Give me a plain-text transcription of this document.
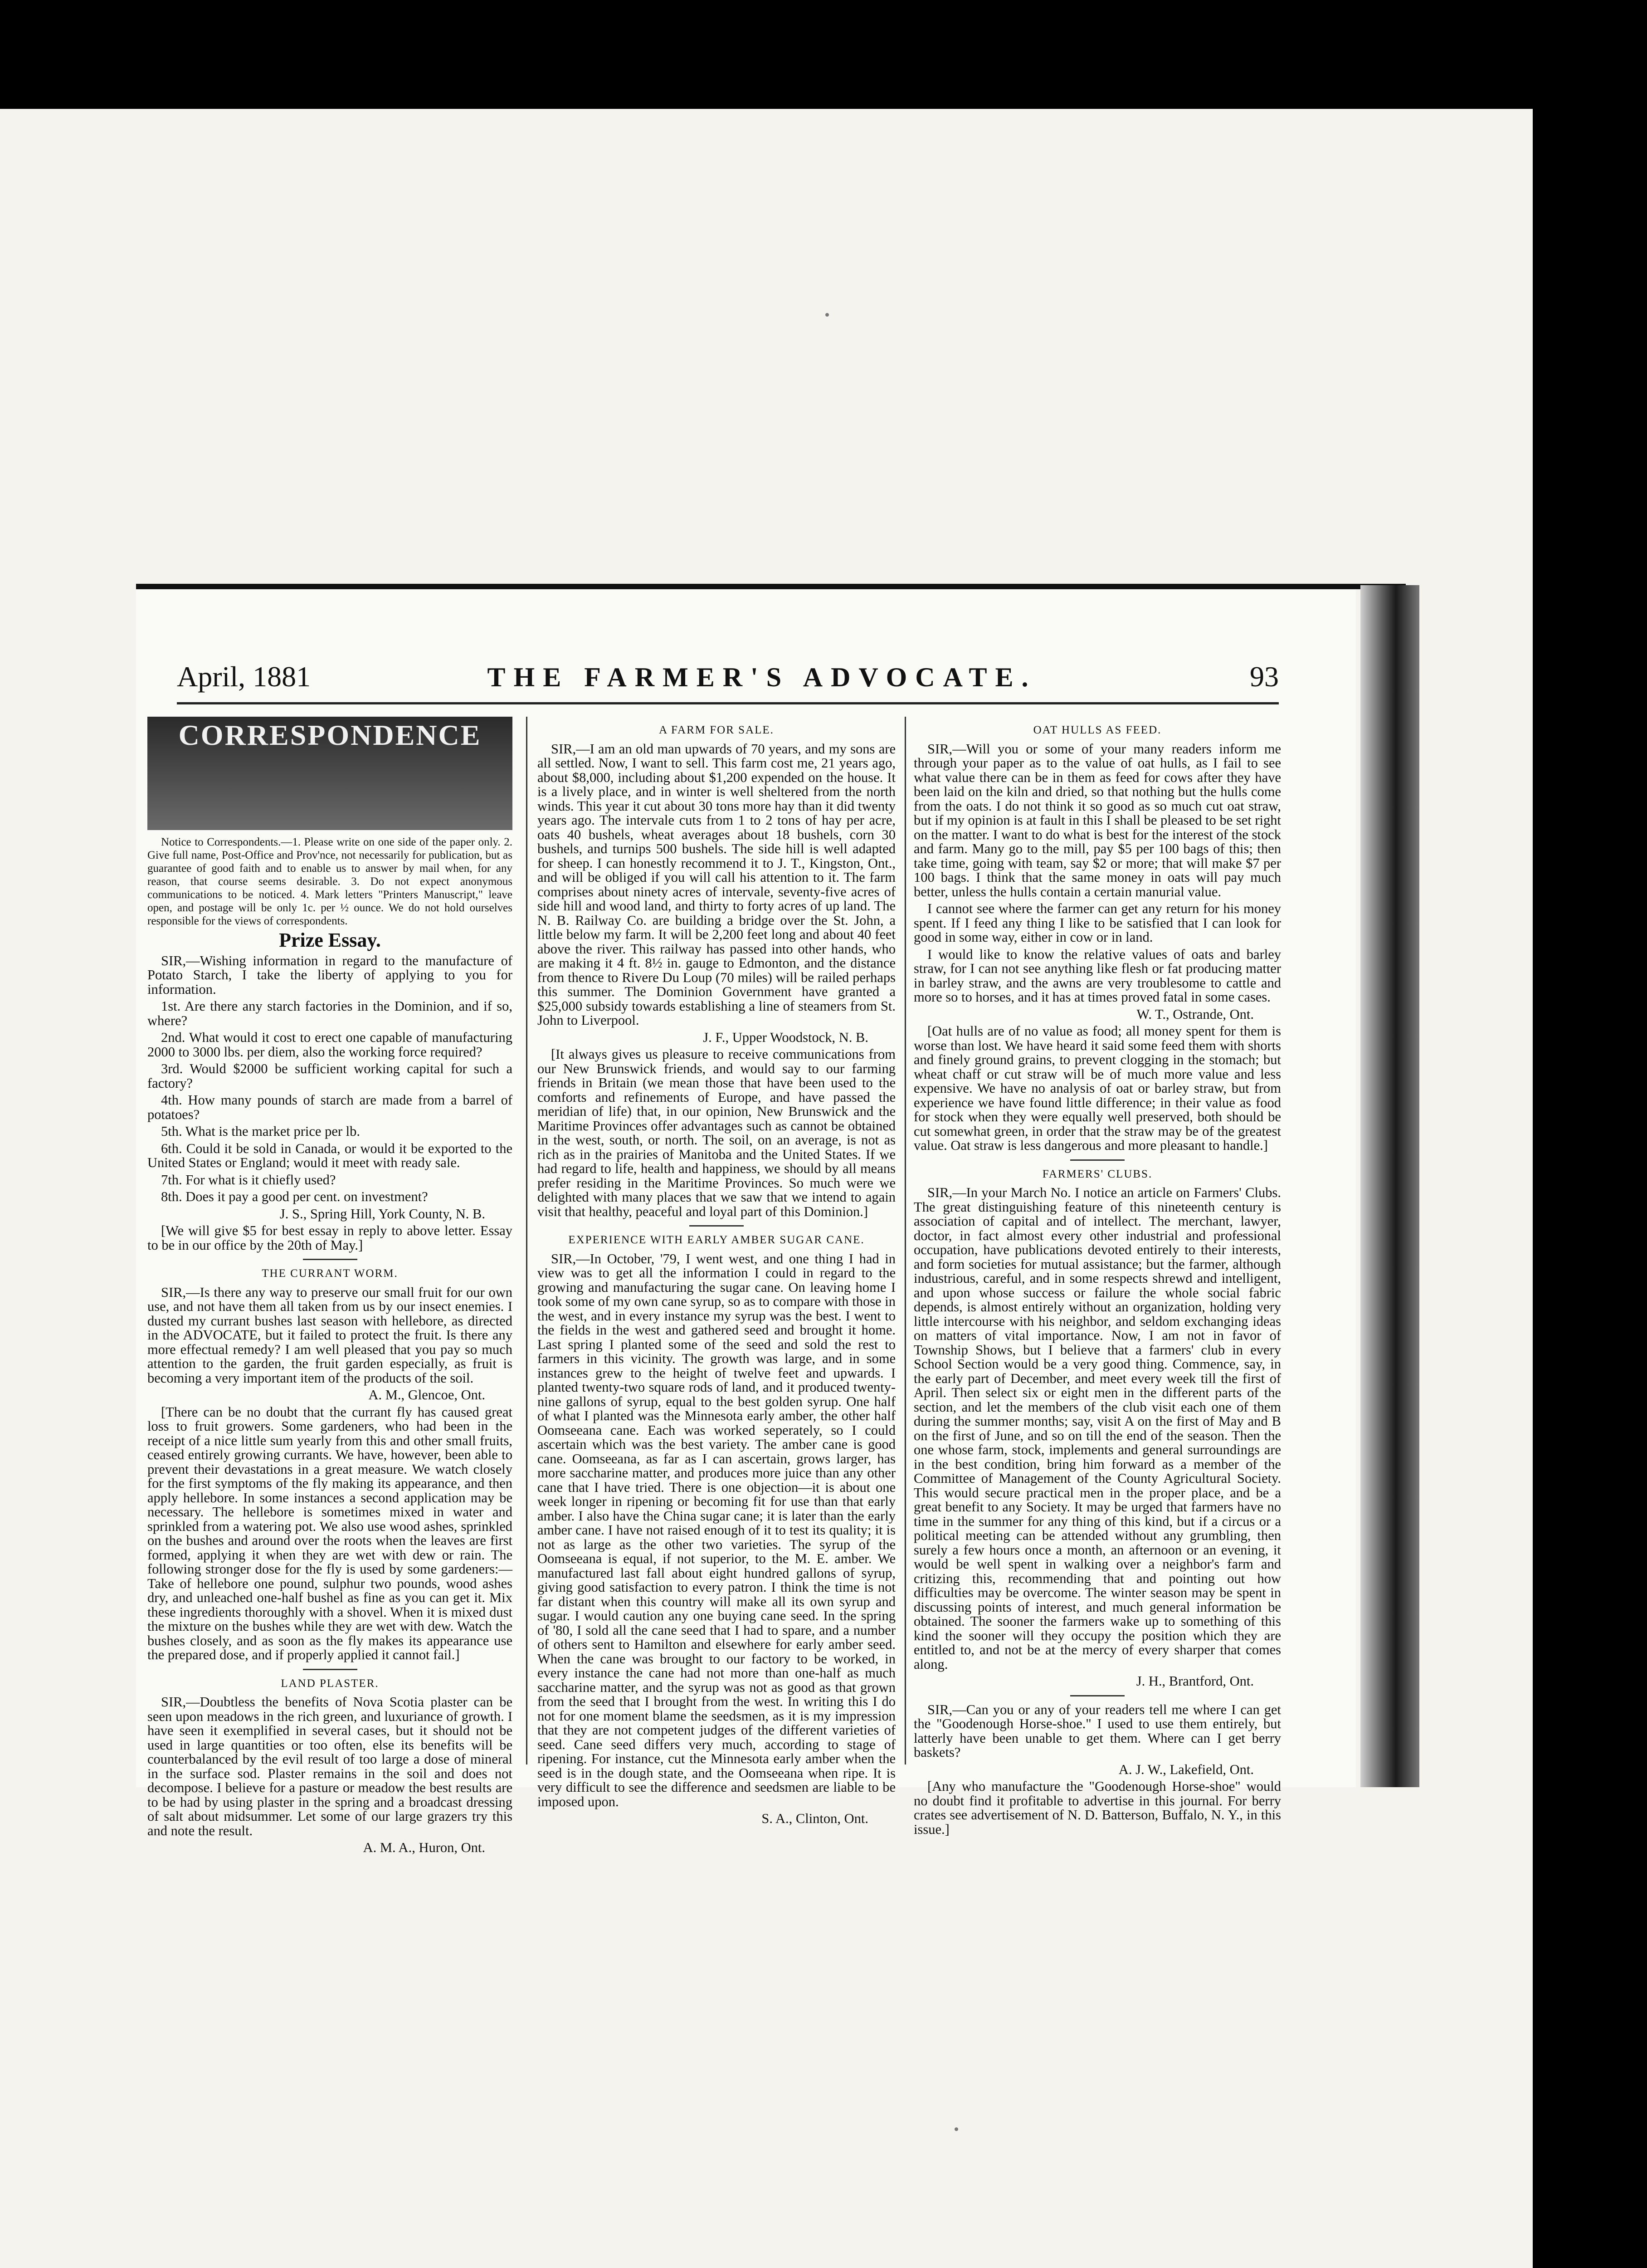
April, 1881	THE FARMER'S ADVOCATE.	93
CORRESPONDENCE

Notice to Correspondents.—1. Please write on one side of the paper only. 2. Give full name, Post-Office and Prov'nce, not necessarily for publication, but as guarantee of good faith and to enable us to answer by mail when, for any reason, that course seems desirable. 3. Do not expect anonymous communications to be noticed. 4. Mark letters "Printers Manuscript," leave open, and postage will be only 1c. per ½ ounce. We do not hold ourselves responsible for the views of correspondents.

Prize Essay.

SIR,—Wishing information in regard to the manufacture of Potato Starch, I take the liberty of applying to you for information.

1st. Are there any starch factories in the Dominion, and if so, where?

2nd. What would it cost to erect one capable of manufacturing 2000 to 3000 lbs. per diem, also the working force required?

3rd. Would $2000 be sufficient working capital for such a factory?

4th. How many pounds of starch are made from a barrel of potatoes?

5th. What is the market price per lb.

6th. Could it be sold in Canada, or would it be exported to the United States or England; would it meet with ready sale.

7th. For what is it chiefly used?

8th. Does it pay a good per cent. on investment?

J. S., Spring Hill, York County, N. B.

[We will give $5 for best essay in reply to above letter. Essay to be in our office by the 20th of May.]

THE CURRANT WORM.

SIR,—Is there any way to preserve our small fruit for our own use, and not have them all taken from us by our insect enemies. I dusted my currant bushes last season with hellebore, as directed in the ADVOCATE, but it failed to protect the fruit. Is there any more effectual remedy? I am well pleased that you pay so much attention to the garden, the fruit garden especially, as fruit is becoming a very important item of the products of the soil.

A. M., Glencoe, Ont.

[There can be no doubt that the currant fly has caused great loss to fruit growers. Some gardeners, who had been in the receipt of a nice little sum yearly from this and other small fruits, ceased entirely growing currants. We have, however, been able to prevent their devastations in a great measure. We watch closely for the first symptoms of the fly making its appearance, and then apply hellebore. In some instances a second application may be necessary. The hellebore is sometimes mixed in water and sprinkled from a watering pot. We also use wood ashes, sprinkled on the bushes and around over the roots when the leaves are first formed, applying it when they are wet with dew or rain. The following stronger dose for the fly is used by some gardeners:—Take of hellebore one pound, sulphur two pounds, wood ashes dry, and unleached one-half bushel as fine as you can get it. Mix these ingredients thoroughly with a shovel. When it is mixed dust the mixture on the bushes while they are wet with dew. Watch the bushes closely, and as soon as the fly makes its appearance use the prepared dose, and if properly applied it cannot fail.]

LAND PLASTER.

SIR,—Doubtless the benefits of Nova Scotia plaster can be seen upon meadows in the rich green, and luxuriance of growth. I have seen it exemplified in several cases, but it should not be used in large quantities or too often, else its benefits will be counterbalanced by the evil result of too large a dose of mineral in the surface sod. Plaster remains in the soil and does not decompose. I believe for a pasture or meadow the best results are to be had by using plaster in the spring and a broadcast dressing of salt about midsummer. Let some of our large grazers try this and note the result.

A. M. A., Huron, Ont.

A FARM FOR SALE.

SIR,—I am an old man upwards of 70 years, and my sons are all settled. Now, I want to sell. This farm cost me, 21 years ago, about $8,000, including about $1,200 expended on the house. It is a lively place, and in winter is well sheltered from the north winds. This year it cut about 30 tons more hay than it did twenty years ago. The intervale cuts from 1 to 2 tons of hay per acre, oats 40 bushels, wheat averages about 18 bushels, corn 30 bushels, and turnips 500 bushels. The side hill is well adapted for sheep. I can honestly recommend it to J. T., Kingston, Ont., and will be obliged if you will call his attention to it. The farm comprises about ninety acres of intervale, seventy-five acres of side hill and wood land, and thirty to forty acres of up land. The N. B. Railway Co. are building a bridge over the St. John, a little below my farm. It will be 2,200 feet long and about 40 feet above the river. This railway has passed into other hands, who are making it 4 ft. 8½ in. gauge to Edmonton, and the distance from thence to Rivere Du Loup (70 miles) will be railed perhaps this summer. The Dominion Government have granted a $25,000 subsidy towards establishing a line of steamers from St. John to Liverpool.

J. F., Upper Woodstock, N. B.

[It always gives us pleasure to receive communications from our New Brunswick friends, and would say to our farming friends in Britain (we mean those that have been used to the comforts and refinements of Europe, and have passed the meridian of life) that, in our opinion, New Brunswick and the Maritime Provinces offer advantages such as cannot be obtained in the west, south, or north. The soil, on an average, is not as rich as in the prairies of Manitoba and the United States. If we had regard to life, health and happiness, we should by all means prefer residing in the Maritime Provinces. So much were we delighted with many places that we saw that we intend to again visit that healthy, peaceful and loyal part of this Dominion.]

EXPERIENCE WITH EARLY AMBER SUGAR CANE.

SIR,—In October, '79, I went west, and one thing I had in view was to get all the information I could in regard to the growing and manufacturing the sugar cane. On leaving home I took some of my own cane syrup, so as to compare with those in the west, and in every instance my syrup was the best. I went to the fields in the west and gathered seed and brought it home. Last spring I planted some of the seed and sold the rest to farmers in this vicinity. The growth was large, and in some instances grew to the height of twelve feet and upwards. I planted twenty-two square rods of land, and it produced twenty-nine gallons of syrup, equal to the best golden syrup. One half of what I planted was the Minnesota early amber, the other half Oomseeana cane. Each was worked seperately, so I could ascertain which was the best variety. The amber cane is good cane. Oomseeana, as far as I can ascertain, grows larger, has more saccharine matter, and produces more juice than any other cane that I have tried. There is one objection—it is about one week longer in ripening or becoming fit for use than that early amber. I also have the China sugar cane; it is later than the early amber cane. I have not raised enough of it to test its quality; it is not as large as the other two varieties. The syrup of the Oomseeana is equal, if not superior, to the M. E. amber. We manufactured last fall about eight hundred gallons of syrup, giving good satisfaction to every patron. I think the time is not far distant when this country will make all its own syrup and sugar. I would caution any one buying cane seed. In the spring of '80, I sold all the cane seed that I had to spare, and a number of others sent to Hamilton and elsewhere for early amber seed. When the cane was brought to our factory to be worked, in every instance the cane had not more than one-half as much saccharine matter, and the syrup was not as good as that grown from the seed that I brought from the west. In writing this I do not for one moment blame the seedsmen, as it is my impression that they are not competent judges of the different varieties of seed. Cane seed differs very much, according to stage of ripening. For instance, cut the Minnesota early amber when the seed is in the dough state, and the Oomseeana when ripe. It is very difficult to see the difference and seedsmen are liable to be imposed upon.

S. A., Clinton, Ont.

OAT HULLS AS FEED.

SIR,—Will you or some of your many readers inform me through your paper as to the value of oat hulls, as I fail to see what value there can be in them as feed for cows after they have been laid on the kiln and dried, so that nothing but the hulls come from the oats. I do not think it so good as so much cut oat straw, but if my opinion is at fault in this I shall be pleased to be set right on the matter. I want to do what is best for the interest of the stock and farm. Many go to the mill, pay $5 per 100 bags of this; then take time, going with team, say $2 or more; that will make $7 per 100 bags. I think that the same money in oats will pay much better, unless the hulls contain a certain manurial value.

I cannot see where the farmer can get any return for his money spent. If I feed any thing I like to be satisfied that I can look for good in some way, either in cow or in land.

I would like to know the relative values of oats and barley straw, for I can not see anything like flesh or fat producing matter in barley straw, and the awns are very troublesome to cattle and more so to horses, and it has at times proved fatal in some cases.

W. T., Ostrande, Ont.

[Oat hulls are of no value as food; all money spent for them is worse than lost. We have heard it said some feed them with shorts and finely ground grains, to prevent clogging in the stomach; but wheat chaff or cut straw will be of much more value and less expensive. We have no analysis of oat or barley straw, but from experience we have found little difference; in their value as food for stock when they were equally well preserved, both should be cut somewhat green, in order that the straw may be of the greatest value. Oat straw is less dangerous and more pleasant to handle.]

FARMERS' CLUBS.

SIR,—In your March No. I notice an article on Farmers' Clubs. The great distinguishing feature of this nineteenth century is association of capital and of intellect. The merchant, lawyer, doctor, in fact almost every other industrial and professional occupation, have publications devoted entirely to their interests, and form societies for mutual assistance; but the farmer, although industrious, careful, and in some respects shrewd and intelligent, and upon whose success or failure the whole social fabric depends, is almost entirely without an organization, holding very little intercourse with his neighbor, and seldom exchanging ideas on matters of vital importance. Now, I am not in favor of Township Shows, but I believe that a farmers' club in every School Section would be a very good thing. Commence, say, in the early part of December, and meet every week till the first of April. Then select six or eight men in the different parts of the section, and let the members of the club visit each one of them during the summer months; say, visit A on the first of May and B on the first of June, and so on till the end of the season. Then the one whose farm, stock, implements and general surroundings are in the best condition, bring him forward as a member of the Committee of Management of the County Agricultural Society. This would secure practical men in the proper place, and be a great benefit to any Society. It may be urged that farmers have no time in the summer for any thing of this kind, but if a circus or a political meeting can be attended without any grumbling, then surely a few hours once a month, an afternoon or an evening, it would be well spent in walking over a neighbor's farm and critizing this, recommending that and pointing out how difficulties may be overcome. The winter season may be spent in discussing points of interest, and much general information be obtained. The sooner the farmers wake up to something of this kind the sooner will they occupy the position which they are entitled to, and not be at the mercy of every sharper that comes along.

J. H., Brantford, Ont.

SIR,—Can you or any of your readers tell me where I can get the "Goodenough Horse-shoe." I used to use them entirely, but latterly have been unable to get them. Where can I get berry baskets?

A. J. W., Lakefield, Ont.

[Any who manufacture the "Goodenough Horse-shoe" would no doubt find it profitable to advertise in this journal. For berry crates see advertisement of N. D. Batterson, Buffalo, N. Y., in this issue.]
